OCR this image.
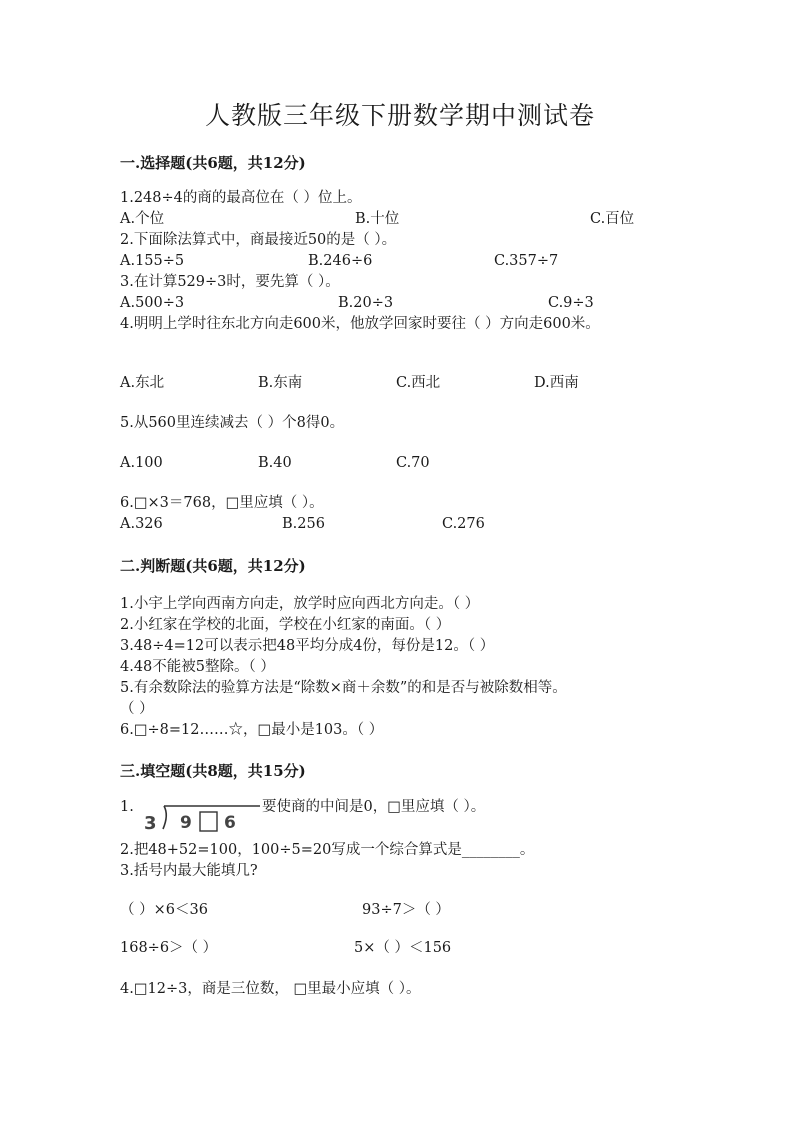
人教版三年级下册数学期中测试卷
一.选择题(共6题，共12分)
1.248÷4的商的最高位在（ ）位上。
A.个位	B.十位	C.百位
2.下面除法算式中，商最接近50的是（ ）。
A.155÷5	B.246÷6	C.357÷7
3.在计算529÷3时，要先算（ ）。
A.500÷3	B.20÷3	C.9÷3
4.明明上学时往东北方向走600米，他放学回家时要往（ ）方向走600米。
A.东北	B.东南	C.西北	D.西南
5.从560里连续减去（ ）个8得0。
A.100	B.40	C.70
6.□×3＝768，□里应填（ ）。
A.326	B.256	C.276
二.判断题(共6题，共12分)
1.小宇上学向西南方向走，放学时应向西北方向走。（ ）
2.小红家在学校的北面，学校在小红家的南面。（ ）
3.48÷4=12可以表示把48平均分成4份，每份是12。（ ）
4.48不能被5整除。（ ）
5.有余数除法的验算方法是“除数×商＋余数”的和是否与被除数相等。
（ ）
6.□÷8=12……☆，□最小是103。（ ）
三.填空题(共8题，共15分)
1.
3 9 6
要使商的中间是0，□里应填（ ）。
2.把48+52=100，100÷5=20写成一个综合算式是________。
3.括号内最大能填几?
（ ）×6＜36	93÷7＞（ ）
168÷6＞（ ）	5×（ ）＜156
4.□12÷3，商是三位数， □里最小应填（ ）。
